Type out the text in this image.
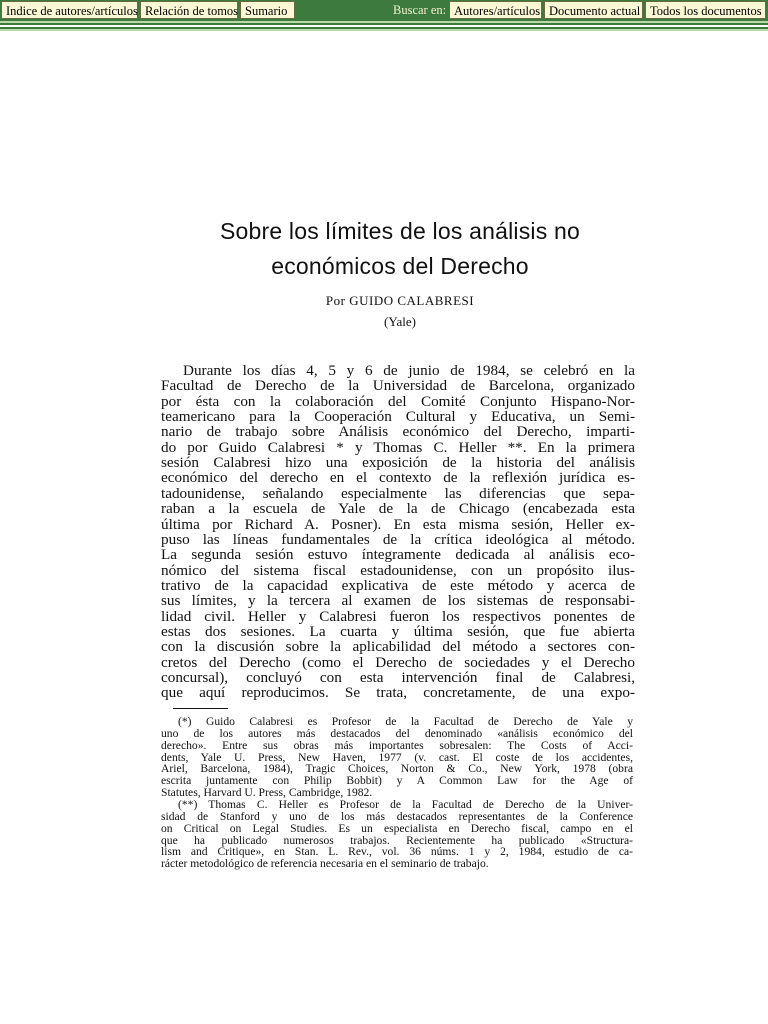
Indice de autores/artículos Relación de tomos Sumario	Buscar en: Autores/artículos Documento actual Todos los documentos
Sobre los límites de los análisis no
económicos del Derecho
Por GUIDO CALABRESI
(Yale)
Durante los días 4, 5 y 6 de junio de 1984, se celebró en la
Facultad de Derecho de la Universidad de Barcelona, organizado
por ésta con la colaboración del Comité Conjunto Hispano-Nor-
teamericano para la Cooperación Cultural y Educativa, un Semi-
nario de trabajo sobre Análisis económico del Derecho, imparti-
do por Guido Calabresi * y Thomas C. Heller **. En la primera
sesión Calabresi hizo una exposición de la historia del análisis
económico del derecho en el contexto de la reflexión jurídica es-
tadounidense, señalando especialmente las diferencias que sepa-
raban a la escuela de Yale de la de Chicago (encabezada esta
última por Richard A. Posner). En esta misma sesión, Heller ex-
puso las líneas fundamentales de la crítica ideológica al método.
La segunda sesión estuvo íntegramente dedicada al análisis eco-
nómico del sistema fiscal estadounidense, con un propósito ilus-
trativo de la capacidad explicativa de este método y acerca de
sus límites, y la tercera al examen de los sistemas de responsabi-
lidad civil. Heller y Calabresi fueron los respectivos ponentes de
estas dos sesiones. La cuarta y última sesión, que fue abierta
con la discusión sobre la aplicabilidad del método a sectores con-
cretos del Derecho (como el Derecho de sociedades y el Derecho
concursal), concluyó con esta intervención final de Calabresi,
que aquí reproducimos. Se trata, concretamente, de una expo-
(*) Guido Calabresi es Profesor de la Facultad de Derecho de Yale y
uno de los autores más destacados del denominado «análisis económico del
derecho». Entre sus obras más importantes sobresalen: The Costs of Acci-
dents, Yale U. Press, New Haven, 1977 (v. cast. El coste de los accidentes,
Ariel, Barcelona, 1984), Tragic Choices, Norton & Co., New York, 1978 (obra
escrita juntamente con Philip Bobbit) y A Common Law for the Age of
Statutes, Harvard U. Press, Cambridge, 1982.
(**) Thomas C. Heller es Profesor de la Facultad de Derecho de la Univer-
sidad de Stanford y uno de los más destacados representantes de la Conference
on Critical on Legal Studies. Es un especialista en Derecho fiscal, campo en el
que ha publicado numerosos trabajos. Recientemente ha publicado «Structura-
lism and Critique», en Stan. L. Rev., vol. 36 núms. 1 y 2, 1984, estudio de ca-
rácter metodológico de referencia necesaria en el seminario de trabajo.
